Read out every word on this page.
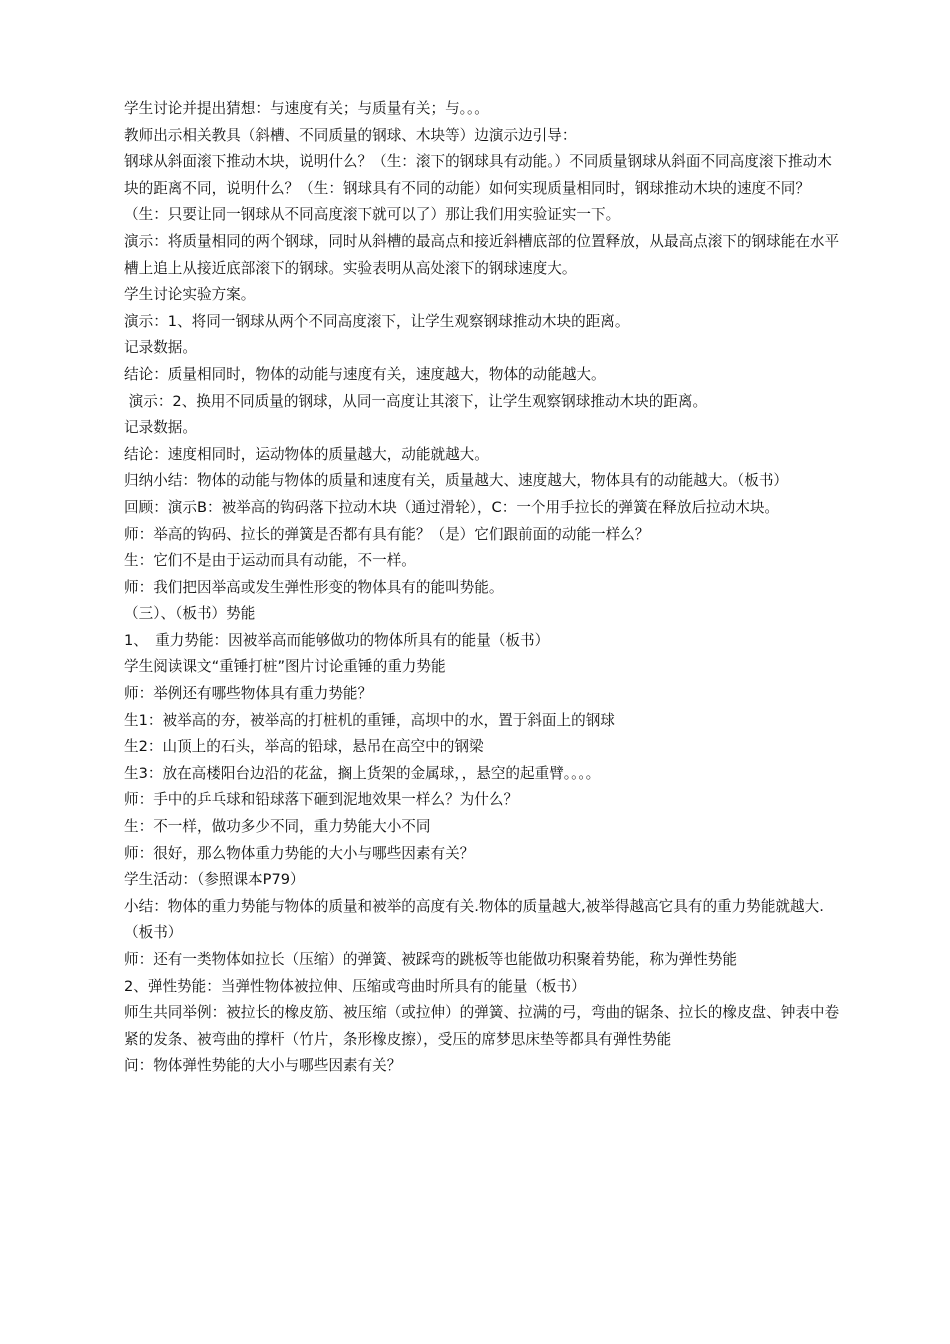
学生讨论并提出猜想：与速度有关；与质量有关；与。。。

教师出示相关教具（斜槽、不同质量的钢球、木块等）边演示边引导：

钢球从斜面滚下推动木块，说明什么？（生：滚下的钢球具有动能。）不同质量钢球从斜面不同高度滚下推动木块的距离不同，说明什么？（生：钢球具有不同的动能）如何实现质量相同时，钢球推动木块的速度不同？（生：只要让同一钢球从不同高度滚下就可以了）那让我们用实验证实一下。

演示：将质量相同的两个钢球，同时从斜槽的最高点和接近斜槽底部的位置释放，从最高点滚下的钢球能在水平槽上追上从接近底部滚下的钢球。实验表明从高处滚下的钢球速度大。

学生讨论实验方案。

演示：1、将同一钢球从两个不同高度滚下，让学生观察钢球推动木块的距离。

记录数据。

结论：质量相同时，物体的动能与速度有关，速度越大，物体的动能越大。

演示：2、换用不同质量的钢球，从同一高度让其滚下，让学生观察钢球推动木块的距离。

记录数据。

结论：速度相同时，运动物体的质量越大，动能就越大。

归纳小结：物体的动能与物体的质量和速度有关，质量越大、速度越大，物体具有的动能越大。（板书）

回顾：演示B：被举高的钩码落下拉动木块（通过滑轮），C：一个用手拉长的弹簧在释放后拉动木块。

师：举高的钩码、拉长的弹簧是否都有具有能？（是）它们跟前面的动能一样么？

生：它们不是由于运动而具有动能，不一样。

师：我们把因举高或发生弹性形变的物体具有的能叫势能。

（三）、（板书）势能

1、　重力势能：因被举高而能够做功的物体所具有的能量（板书）

学生阅读课文“重锤打桩”图片讨论重锤的重力势能

师：举例还有哪些物体具有重力势能？

生1：被举高的夯，被举高的打桩机的重锤，高坝中的水，置于斜面上的钢球

生2：山顶上的石头，举高的铅球，悬吊在高空中的钢梁

生3：放在高楼阳台边沿的花盆，搁上货架的金属球，，悬空的起重臂。。。。

师：手中的乒乓球和铅球落下砸到泥地效果一样么？为什么？

生：不一样，做功多少不同，重力势能大小不同

师：很好，那么物体重力势能的大小与哪些因素有关？

学生活动：（参照课本P79）

小结：物体的重力势能与物体的质量和被举的高度有关.物体的质量越大,被举得越高它具有的重力势能就越大. （板书）

师：还有一类物体如拉长（压缩）的弹簧、被踩弯的跳板等也能做功积聚着势能，称为弹性势能

2、弹性势能：当弹性物体被拉伸、压缩或弯曲时所具有的能量（板书）

师生共同举例：被拉长的橡皮筋、被压缩（或拉伸）的弹簧、拉满的弓，弯曲的锯条、拉长的橡皮盘、钟表中卷紧的发条、被弯曲的撑杆（竹片，条形橡皮擦），受压的席梦思床垫等都具有弹性势能

问：物体弹性势能的大小与哪些因素有关？
